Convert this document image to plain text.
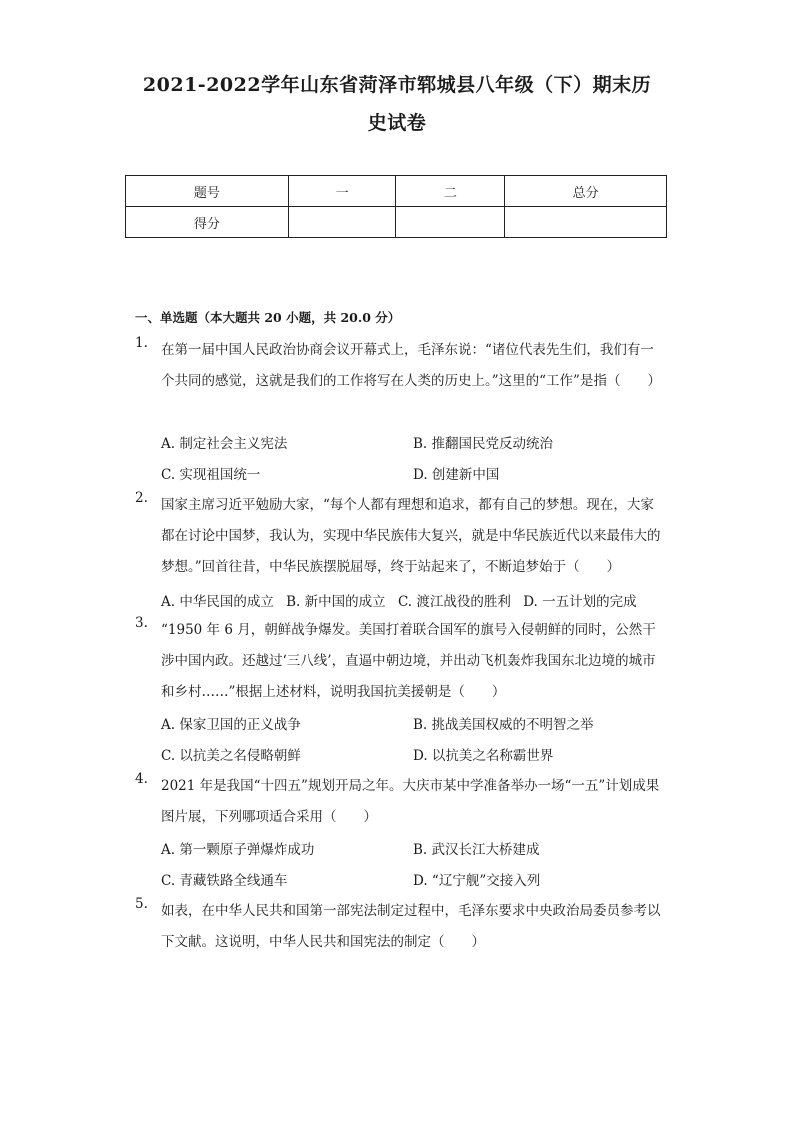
2021-2022学年山东省菏泽市郓城县八年级（下）期末历
史试卷
题号	一	二	总分
得分			
一、单选题（本大题共 20 小题，共 20.0 分）
1. 在第一届中国人民政治协商会议开幕式上，毛泽东说：“诸位代表先生们，我们有一个共同的感觉，这就是我们的工作将写在人类的历史上。”这里的“工作”是指（　　）
A. 制定社会主义宪法	B. 推翻国民党反动统治
C. 实现祖国统一	D. 创建新中国
2. 国家主席习近平勉励大家，“每个人都有理想和追求，都有自己的梦想。现在，大家都在讨论中国梦，我认为，实现中华民族伟大复兴，就是中华民族近代以来最伟大的梦想。”回首往昔，中华民族摆脱屈辱，终于站起来了，不断追梦始于（　　）
A. 中华民国的成立 B. 新中国的成立 C. 渡江战役的胜利 D. 一五计划的完成
3. “1950 年 6 月，朝鲜战争爆发。美国打着联合国军的旗号入侵朝鲜的同时，公然干涉中国内政。还越过‘三八线’，直逼中朝边境，并出动飞机轰炸我国东北边境的城市和乡村……”根据上述材料，说明我国抗美援朝是（　　）
A. 保家卫国的正义战争	B. 挑战美国权威的不明智之举
C. 以抗美之名侵略朝鲜	D. 以抗美之名称霸世界
4. 2021 年是我国“十四五”规划开局之年。大庆市某中学准备举办一场“一五”计划成果图片展，下列哪项适合采用（　　）
A. 第一颗原子弹爆炸成功	B. 武汉长江大桥建成
C. 青藏铁路全线通车	D. “辽宁舰”交接入列
5. 如表，在中华人民共和国第一部宪法制定过程中，毛泽东要求中央政治局委员参考以下文献。这说明，中华人民共和国宪法的制定（　　）
